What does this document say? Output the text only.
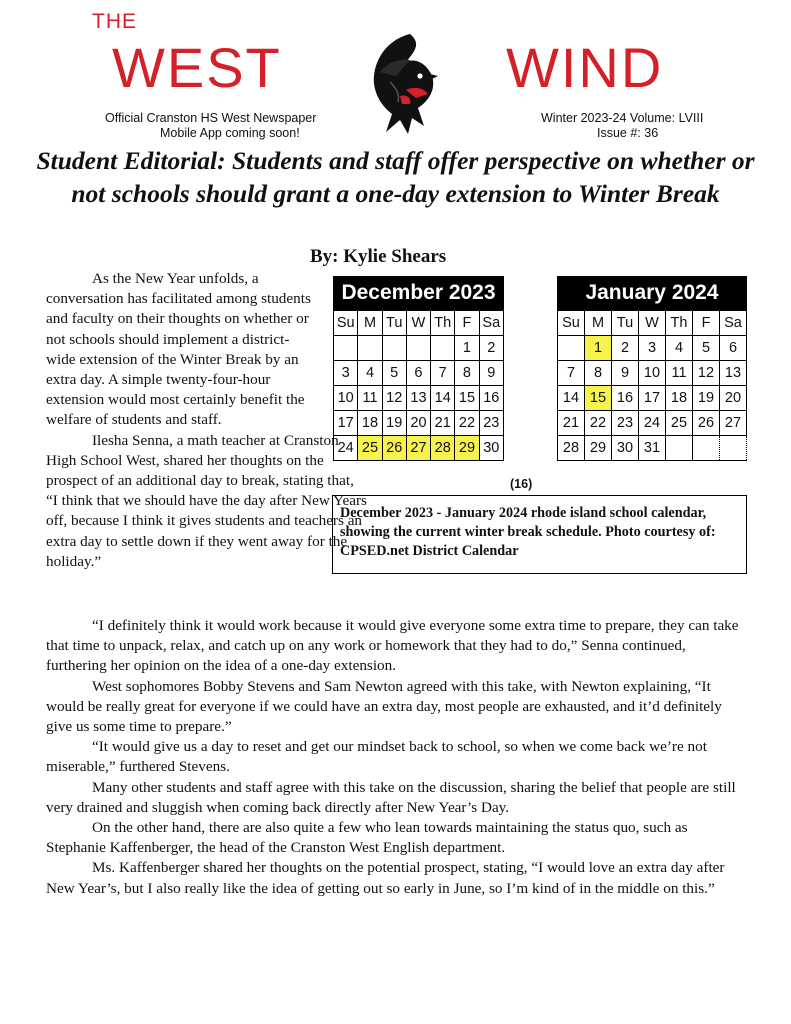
THE
WEST	WIND
Official Cranston HS West Newspaper
Mobile App coming soon!
Winter 2023-24 Volume: LVIII
Issue #: 36
Student Editorial: Students and staff offer perspective on whether or not schools should grant a one-day extension to Winter Break
By: Kylie Shears

As the New Year unfolds, a conversation has facilitated among students and faculty on their thoughts on whether or not schools should implement a district-wide extension of the Winter Break by an extra day. A simple twenty-four-hour extension would most certainly benefit the welfare of students and staff.

Ilesha Senna, a math teacher at Cranston High School West, shared her thoughts on the prospect of an additional day to break, stating that, “I think that we should have the day after New Years off, because I think it gives students and teachers an extra day to settle down if they went away for the holiday.”

December 2023
Su	M	Tu	W	Th	F	Sa
					1	2
3	4	5	6	7	8	9
10	11	12	13	14	15	16
17	18	19	20	21	22	23
24	25	26	27	28	29	30
(16)
January 2024
Su	M	Tu	W	Th	F	Sa
	1	2	3	4	5	6
7	8	9	10	11	12	13
14	15	16	17	18	19	20
21	22	23	24	25	26	27
28	29	30	31			
December 2023 - January 2024 rhode island school calendar, showing the current winter break schedule. Photo courtesy of: CPSED.net District Calendar

“I definitely think it would work because it would give everyone some extra time to prepare, they can take that time to unpack, relax, and catch up on any work or homework that they had to do,” Senna continued, furthering her opinion on the idea of a one-day extension.

West sophomores Bobby Stevens and Sam Newton agreed with this take, with Newton explaining, “It would be really great for everyone if we could have an extra day, most people are exhausted, and it’d definitely give us some time to prepare.”

“It would give us a day to reset and get our mindset back to school, so when we come back we’re not miserable,” furthered Stevens.

Many other students and staff agree with this take on the discussion, sharing the belief that people are still very drained and sluggish when coming back directly after New Year’s Day.

On the other hand, there are also quite a few who lean towards maintaining the status quo, such as Stephanie Kaffenberger, the head of the Cranston West English department.

Ms. Kaffenberger shared her thoughts on the potential prospect, stating, “I would love an extra day after New Year’s, but I also really like the idea of getting out so early in June, so I’m kind of in the middle on this.”
